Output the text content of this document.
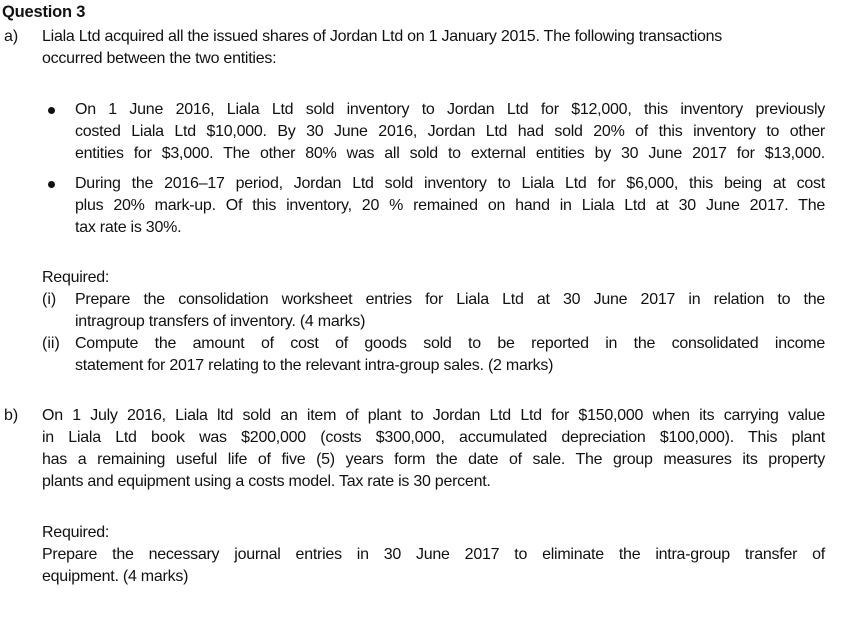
Question 3
a) Liala Ltd acquired all the issued shares of Jordan Ltd on 1 January 2015. The following transactions
occurred between the two entities:
On 1 June 2016, Liala Ltd sold inventory to Jordan Ltd for $12,000, this inventory previously
costed Liala Ltd $10,000. By 30 June 2016, Jordan Ltd had sold 20% of this inventory to other
entities for $3,000. The other 80% was all sold to external entities by 30 June 2017 for $13,000.
During the 2016–17 period, Jordan Ltd sold inventory to Liala Ltd for $6,000, this being at cost
plus 20% mark-up. Of this inventory, 20 % remained on hand in Liala Ltd at 30 June 2017. The
tax rate is 30%.
Required:
(i) Prepare the consolidation worksheet entries for Liala Ltd at 30 June 2017 in relation to the
intragroup transfers of inventory. (4 marks)
(ii) Compute the amount of cost of goods sold to be reported in the consolidated income
statement for 2017 relating to the relevant intra-group sales. (2 marks)
b) On 1 July 2016, Liala ltd sold an item of plant to Jordan Ltd Ltd for $150,000 when its carrying value
in Liala Ltd book was $200,000 (costs $300,000, accumulated depreciation $100,000). This plant
has a remaining useful life of five (5) years form the date of sale. The group measures its property
plants and equipment using a costs model. Tax rate is 30 percent.
Required:
Prepare the necessary journal entries in 30 June 2017 to eliminate the intra-group transfer of
equipment. (4 marks)
